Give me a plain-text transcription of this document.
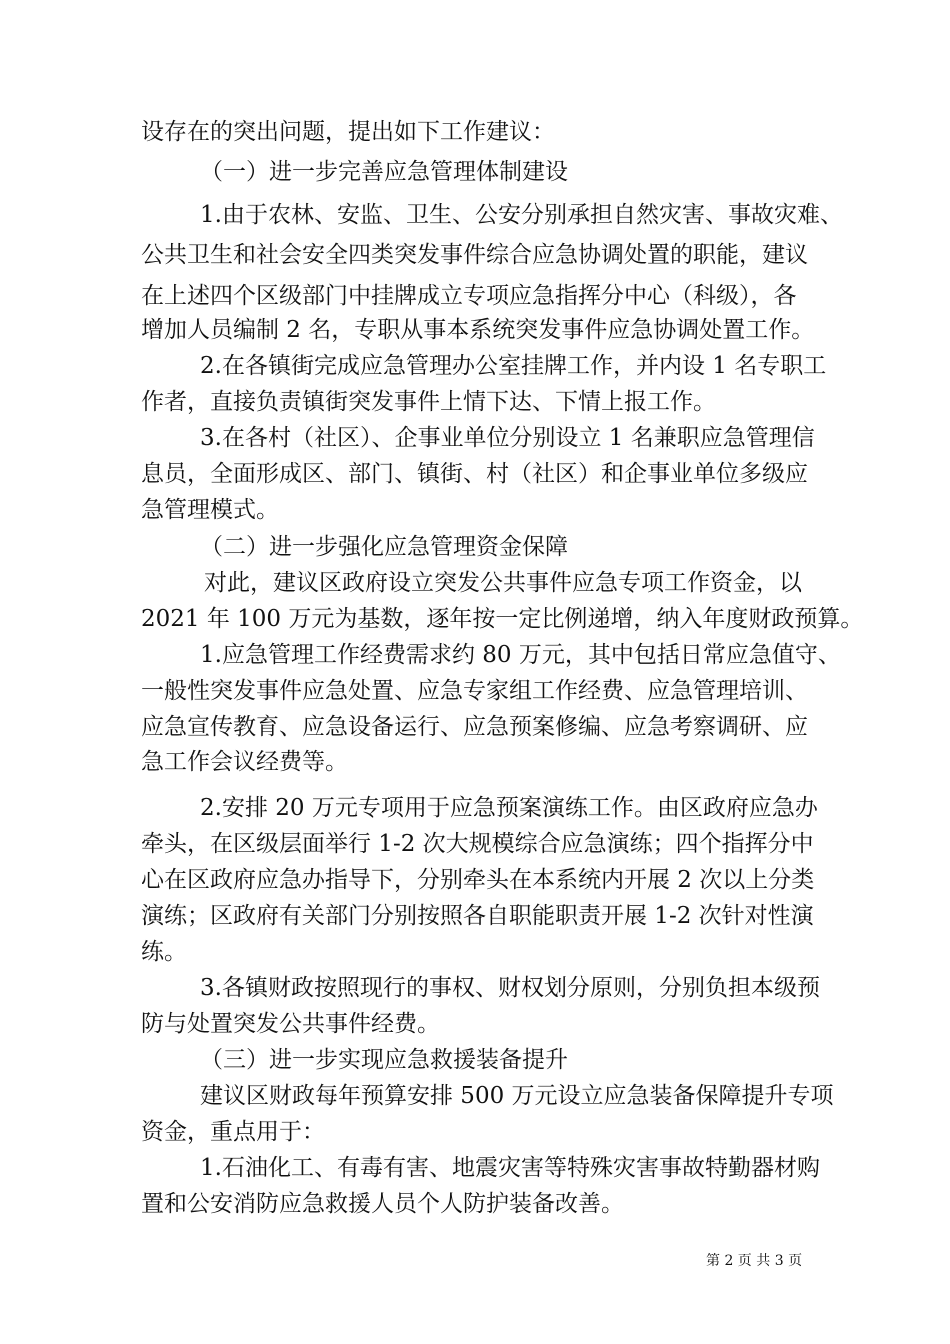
设存在的突出问题，提出如下工作建议：
（一）进一步完善应急管理体制建设
1.由于农林、安监、卫生、公安分别承担自然灾害、事故灾难、
公共卫生和社会安全四类突发事件综合应急协调处置的职能，建议
在上述四个区级部门中挂牌成立专项应急指挥分中心（科级），各
增加人员编制 2 名，专职从事本系统突发事件应急协调处置工作。
2.在各镇街完成应急管理办公室挂牌工作，并内设 1 名专职工
作者，直接负责镇街突发事件上情下达、下情上报工作。
3.在各村（社区）、企事业单位分别设立 1 名兼职应急管理信
息员，全面形成区、部门、镇街、村（社区）和企事业单位多级应
急管理模式。
（二）进一步强化应急管理资金保障
对此，建议区政府设立突发公共事件应急专项工作资金，以
2021 年 100 万元为基数，逐年按一定比例递增，纳入年度财政预算。
1.应急管理工作经费需求约 80 万元，其中包括日常应急值守、
一般性突发事件应急处置、应急专家组工作经费、应急管理培训、
应急宣传教育、应急设备运行、应急预案修编、应急考察调研、应
急工作会议经费等。
2.安排 20 万元专项用于应急预案演练工作。由区政府应急办
牵头，在区级层面举行 1-2 次大规模综合应急演练；四个指挥分中
心在区政府应急办指导下，分别牵头在本系统内开展 2 次以上分类
演练；区政府有关部门分别按照各自职能职责开展 1-2 次针对性演
练。
3.各镇财政按照现行的事权、财权划分原则，分别负担本级预
防与处置突发公共事件经费。
（三）进一步实现应急救援装备提升
建议区财政每年预算安排 500 万元设立应急装备保障提升专项
资金，重点用于：
1.石油化工、有毒有害、地震灾害等特殊灾害事故特勤器材购
置和公安消防应急救援人员个人防护装备改善。
第 2 页 共 3 页
